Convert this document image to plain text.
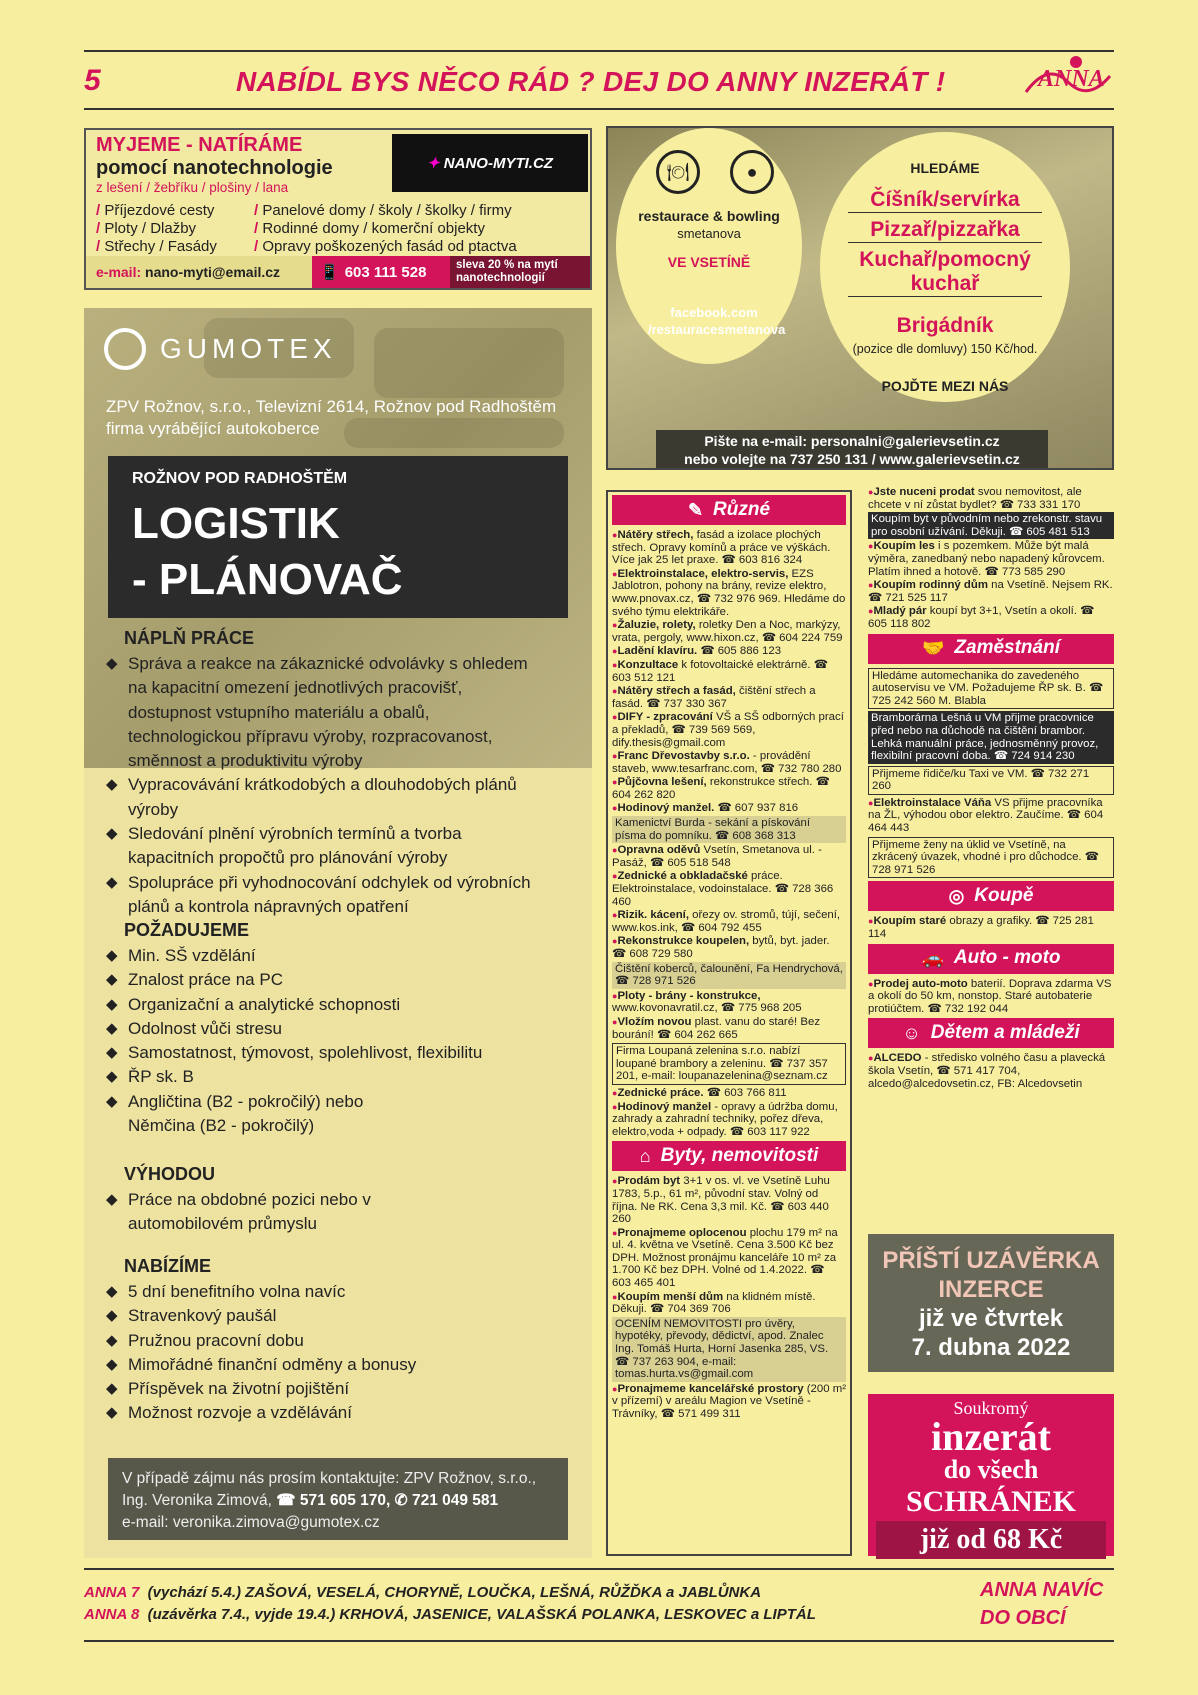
5	NABÍDL BYS NĚCO RÁD ? DEJ DO ANNY INZERÁT !	ANNA
MYJEME - NATÍRÁME
pomocí nanotechnologie
z lešení / žebříku / plošiny / lana
✦ NANO-MYTI.CZ
/ Příjezdové cesty
/ Ploty / Dlažby
/ Střechy / Fasády
/ Panelové domy / školy / školky / firmy
/ Rodinné domy / komerční objekty
/ Opravy poškozených fasád od ptactva
e-mail:
nano-myti@email.cz	📱 603 111 528	sleva 20 % na mytí nanotechnologií
GUMOTEX
ZPV Rožnov, s.r.o., Televizní 2614, Rožnov pod Radhoštěm
firma vyrábějící autokoberce
ROŽNOV POD RADHOŠTĚM
LOGISTIK
- PLÁNOVAČ
NÁPLŇ PRÁCE
◆ Správa a reakce na zákaznické odvolávky s ohledem na kapacitní omezení jednotlivých pracovišť, dostupnost vstupního materiálu a obalů, technologickou přípravu výroby, rozpracovanost, směnnost a produktivitu výroby
◆ Vypracovávání krátkodobých a dlouhodobých plánů výroby
◆ Sledování plnění výrobních termínů a tvorba kapacitních propočtů pro plánování výroby
◆ Spolupráce při vyhodnocování odchylek od výrobních plánů a kontrola nápravných opatření
POŽADUJEME
◆ Min. SŠ vzdělání
◆ Znalost práce na PC
◆ Organizační a analytické schopnosti
◆ Odolnost vůči stresu
◆ Samostatnost, týmovost, spolehlivost, flexibilitu
◆ ŘP sk. B
◆ Angličtina (B2 - pokročilý) nebo Němčina (B2 - pokročilý)
VÝHODOU
◆ Práce na obdobné pozici nebo v automobilovém průmyslu
NABÍZÍME
◆ 5 dní benefitního volna navíc
◆ Stravenkový paušál
◆ Pružnou pracovní dobu
◆ Mimořádné finanční odměny a bonusy
◆ Příspěvek na životní pojištění
◆ Možnost rozvoje a vzdělávání
V případě zájmu nás prosím kontaktujte: ZPV Rožnov, s.r.o.,
Ing. Veronika Zimová, ☎ 571 605 170, ✆ 721 049 581
e-mail: veronika.zimova@gumotex.cz
🍽	●
restaurace & bowling
smetanova
VE VSETÍNĚ
facebook.com
/restauracesmetanova
HLEDÁME
Číšník/servírka
Pizzař/pizzařka
Kuchař/pomocný kuchař
Brigádník
(pozice dle domluvy) 150 Kč/hod.
POJĎTE MEZI NÁS
Pište na e-mail: personalni@galerievsetin.cz
nebo volejte na 737 250 131 / www.galerievsetin.cz
✎ Různé
● Nátěry střech, fasád a izolace plochých střech. Opravy komínů a práce ve výškách. Více jak 25 let praxe. ☎ 603 816 324
● Elektroinstalace, elektro-servis, EZS Jablotron, pohony na brány, revize elektro, www.pnovax.cz, ☎ 732 976 969. Hledáme do svého týmu elektrikáře.
● Žaluzie, rolety, roletky Den a Noc, markýzy, vrata, pergoly, www.hixon.cz, ☎ 604 224 759
● Ladění klavíru. ☎ 605 886 123
● Konzultace k fotovoltaické elektrárně. ☎ 603 512 121
● Nátěry střech a fasád, čištění střech a fasád. ☎ 737 330 367
● DIFY - zpracování VŠ a SŠ odborných prací a překladů, ☎ 739 569 569, dify.thesis@gmail.com
● Franc Dřevostavby s.r.o. - provádění staveb, www.tesarfranc.com, ☎ 732 780 280
● Půjčovna lešení, rekonstrukce střech. ☎ 604 262 820
● Hodinový manžel. ☎ 607 937 816
Kamenictví Burda - sekání a pískování písma do pomníku. ☎ 608 368 313
● Opravna oděvů Vsetín, Smetanova ul. - Pasáž, ☎ 605 518 548
● Zednické a obkladačské práce. Elektroinstalace, vodoinstalace. ☎ 728 366 460
● Rizik. kácení, ořezy ov. stromů, tújí, sečení, www.kos.ink, ☎ 604 792 455
● Rekonstrukce koupelen, bytů, byt. jader. ☎ 608 729 580
Čištění koberců, čalounění, Fa Hendrychová, ☎ 728 971 526
● Ploty - brány - konstrukce, www.kovonavratil.cz, ☎ 775 968 205
● Vložím novou plast. vanu do staré! Bez bourání! ☎ 604 262 665
Firma Loupaná zelenina s.r.o. nabízí loupané brambory a zeleninu. ☎ 737 357 201, e-mail: loupanazelenina@seznam.cz
● Zednické práce. ☎ 603 766 811
● Hodinový manžel - opravy a údržba domu, zahrady a zahradní techniky, pořez dřeva, elektro,voda + odpady. ☎ 603 117 922
⌂ Byty, nemovitosti
● Prodám byt 3+1 v os. vl. ve Vsetíně Luhu 1783, 5.p., 61 m², původní stav. Volný od října. Ne RK. Cena 3,3 mil. Kč. ☎ 603 440 260
● Pronajmeme oplocenou plochu 179 m² na ul. 4. května ve Vsetíně. Cena 3.500 Kč bez DPH. Možnost pronájmu kanceláře 10 m² za 1.700 Kč bez DPH. Volné od 1.4.2022. ☎ 603 465 401
● Koupím menší dům na klidném místě. Děkuji. ☎ 704 369 706
OCENÍM NEMOVITOSTI pro úvěry, hypotéky, převody, dědictví, apod. Znalec Ing. Tomáš Hurta, Horní Jasenka 285, VS. ☎ 737 263 904, e-mail: tomas.hurta.vs@gmail.com
● Pronajmeme kancelářské prostory (200 m² v přízemí) v areálu Magion ve Vsetíně - Trávníky, ☎ 571 499 311
● Jste nuceni prodat svou nemovitost, ale chcete v ní zůstat bydlet? ☎ 733 331 170
Koupím byt v původním nebo zrekonstr. stavu pro osobní užívání. Děkuji. ☎ 605 481 513
● Koupím les i s pozemkem. Může být malá výměra, zanedbaný nebo napadený kůrovcem. Platím ihned a hotově. ☎ 773 585 290
● Koupím rodinný dům na Vsetíně. Nejsem RK. ☎ 721 525 117
● Mladý pár koupí byt 3+1, Vsetín a okolí. ☎ 605 118 802
🤝 Zaměstnání
Hledáme automechanika do zavedeného autoservisu ve VM. Požadujeme ŘP sk. B. ☎ 725 242 560 M. Blabla
Bramborárna Lešná u VM přijme pracovnice před nebo na důchodě na čištění brambor. Lehká manuální práce, jednosměnný provoz, flexibilní pracovní doba. ☎ 724 914 230
Přijmeme řidiče/ku Taxi ve VM. ☎ 732 271 260
● Elektroinstalace Váňa VS přijme pracovníka na ŽL, výhodou obor elektro. Zaučíme. ☎ 604 464 443
Přijmeme ženy na úklid ve Vsetíně, na zkrácený úvazek, vhodné i pro důchodce. ☎ 728 971 526
◎ Koupě
● Koupím staré obrazy a grafiky. ☎ 725 281 114
🚗 Auto - moto
● Prodej auto-moto baterií. Doprava zdarma VS a okolí do 50 km, nonstop. Staré autobaterie protiúčtem. ☎ 732 192 044
☺ Dětem a mládeži
● ALCEDO - středisko volného času a plavecká škola Vsetín, ☎ 571 417 704, alcedo@alcedovsetin.cz, FB: Alcedovsetin
PŘÍŠTÍ UZÁVĚRKA
INZERCE
již ve čtvrtek
7. dubna 2022
Soukromý
inzerát
do všech
SCHRÁNEK
již od 68 Kč
ANNA 7 (vychází 5.4.) ZAŠOVÁ, VESELÁ, CHORYNĚ, LOUČKA, LEŠNÁ, RŮŽĎKA a JABLŮNKA
ANNA 8 (uzávěrka 7.4., vyjde 19.4.) KRHOVÁ, JASENICE, VALAŠSKÁ POLANKA, LESKOVEC a LIPTÁL
ANNA NAVÍC
DO OBCÍ
